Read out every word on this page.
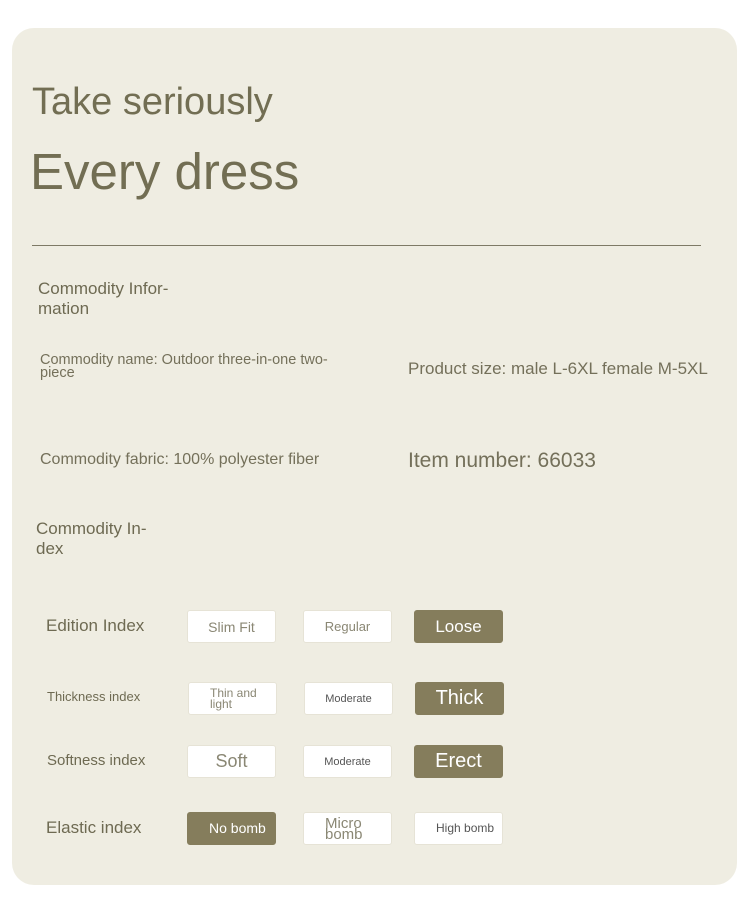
Take seriously
Every dress
Commodity Infor- mation
Commodity name: Outdoor three-in-one two-piece	Product size: male L-6XL female M-5XL
Commodity fabric: 100% polyester fiber	Item number: 66033
Commodity In- dex
Edition Index	Slim Fit	Regular	Loose
Thickness index	Thin and light	Moderate	Thick
Softness index	Soft	Moderate	Erect
Elastic index	No bomb	Micro bomb	High bomb
